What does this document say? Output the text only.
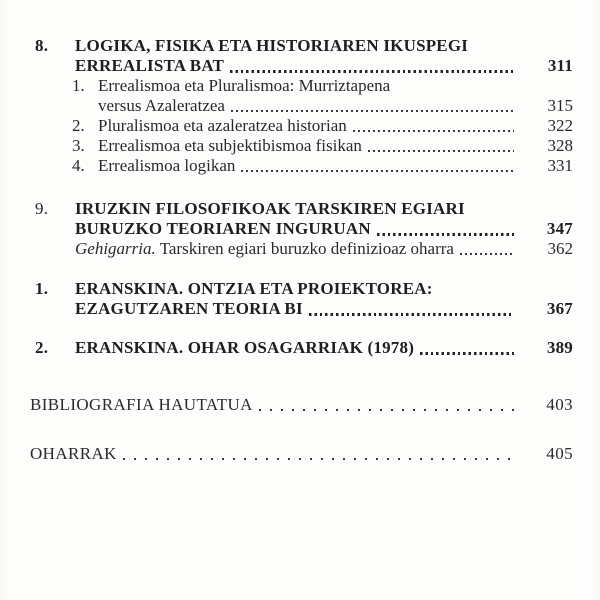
8.	LOGIKA, FISIKA ETA HISTORIAREN IKUSPEGI
ERREALISTA BAT	311
1. Errealismoa eta Pluralismoa: Murriztapena
versus Azaleratzea	315
2. Pluralismoa eta azaleratzea historian	322
3. Errealismoa eta subjektibismoa fisikan	328
4. Errealismoa logikan	331
9.	IRUZKIN FILOSOFIKOAK TARSKIREN EGIARI
BURUZKO TEORIAREN INGURUAN	347
Gehigarria. Tarskiren egiari buruzko definizioaz oharra	362
1.	ERANSKINA. ONTZIA ETA PROIEKTOREA:
EZAGUTZAREN TEORIA BI	367
2.	ERANSKINA. OHAR OSAGARRIAK (1978)	389
BIBLIOGRAFIA HAUTATUA	403
OHARRAK	405
